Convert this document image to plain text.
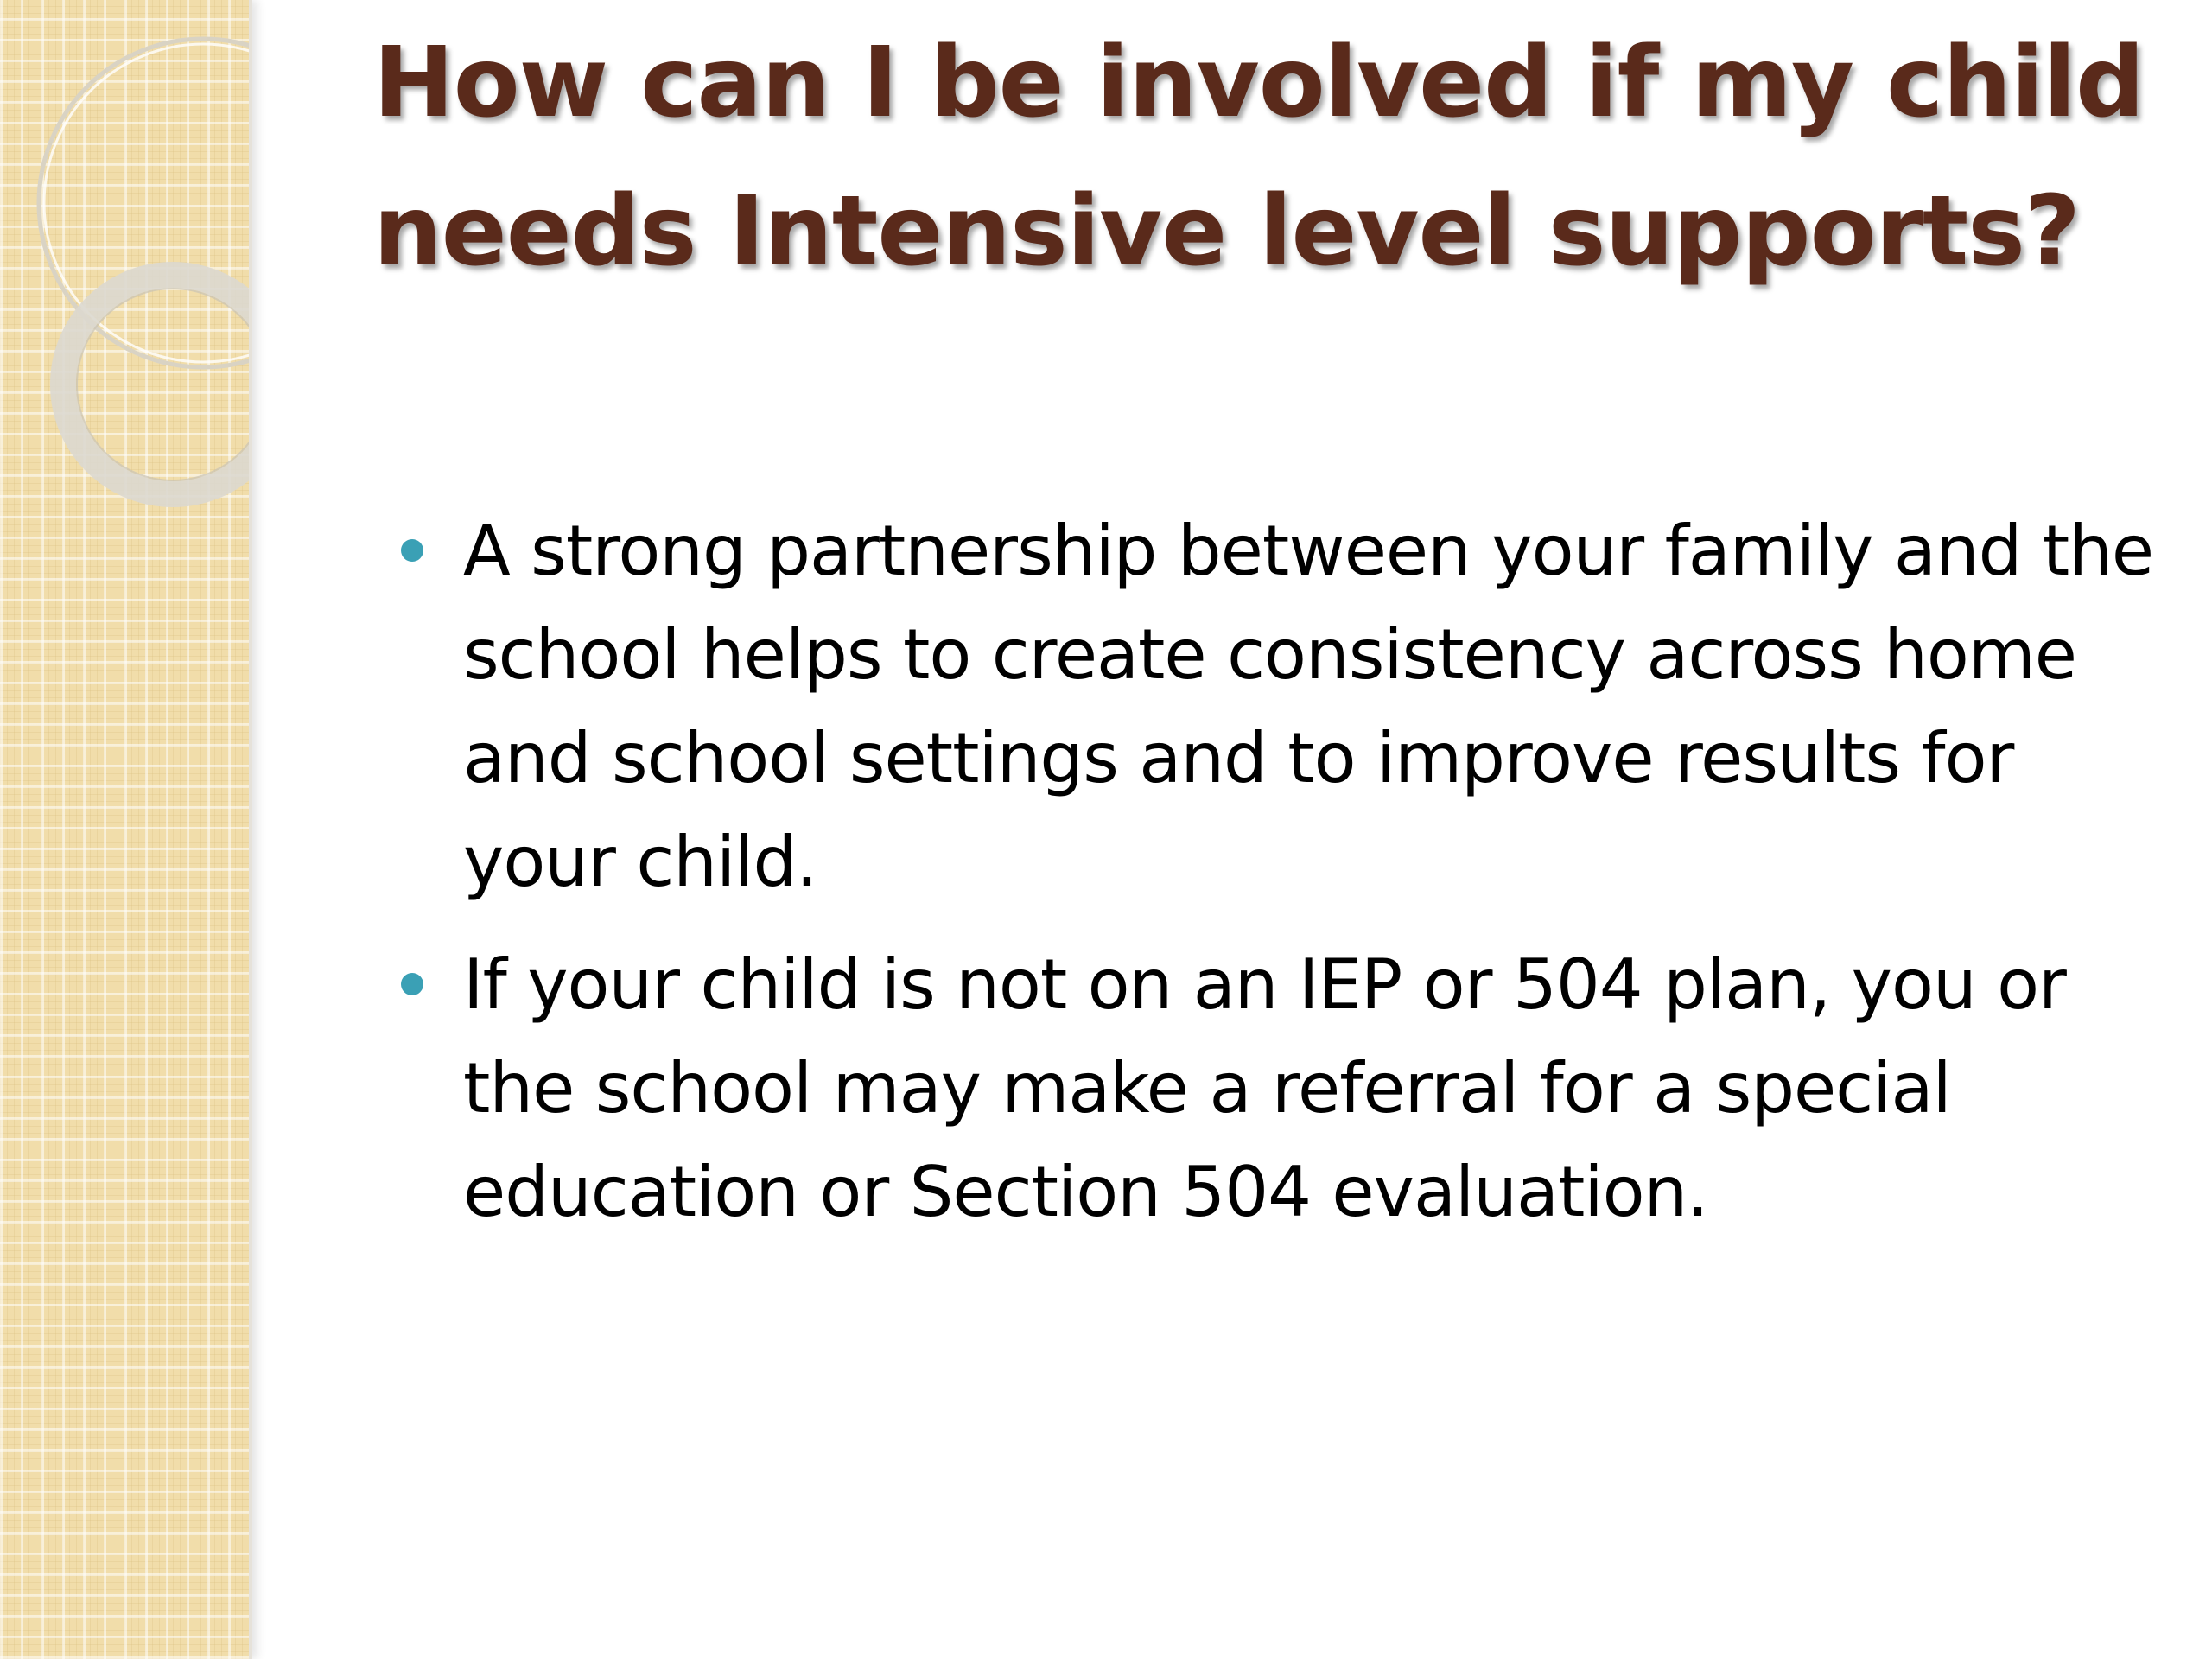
How can I be involved if my child needs Intensive level supports?
A strong partnership between your family and the school helps to create consistency across home and school settings and to improve results for your child.
If your child is not on an IEP or 504 plan, you or the school may make a referral for a special education or Section 504 evaluation.
